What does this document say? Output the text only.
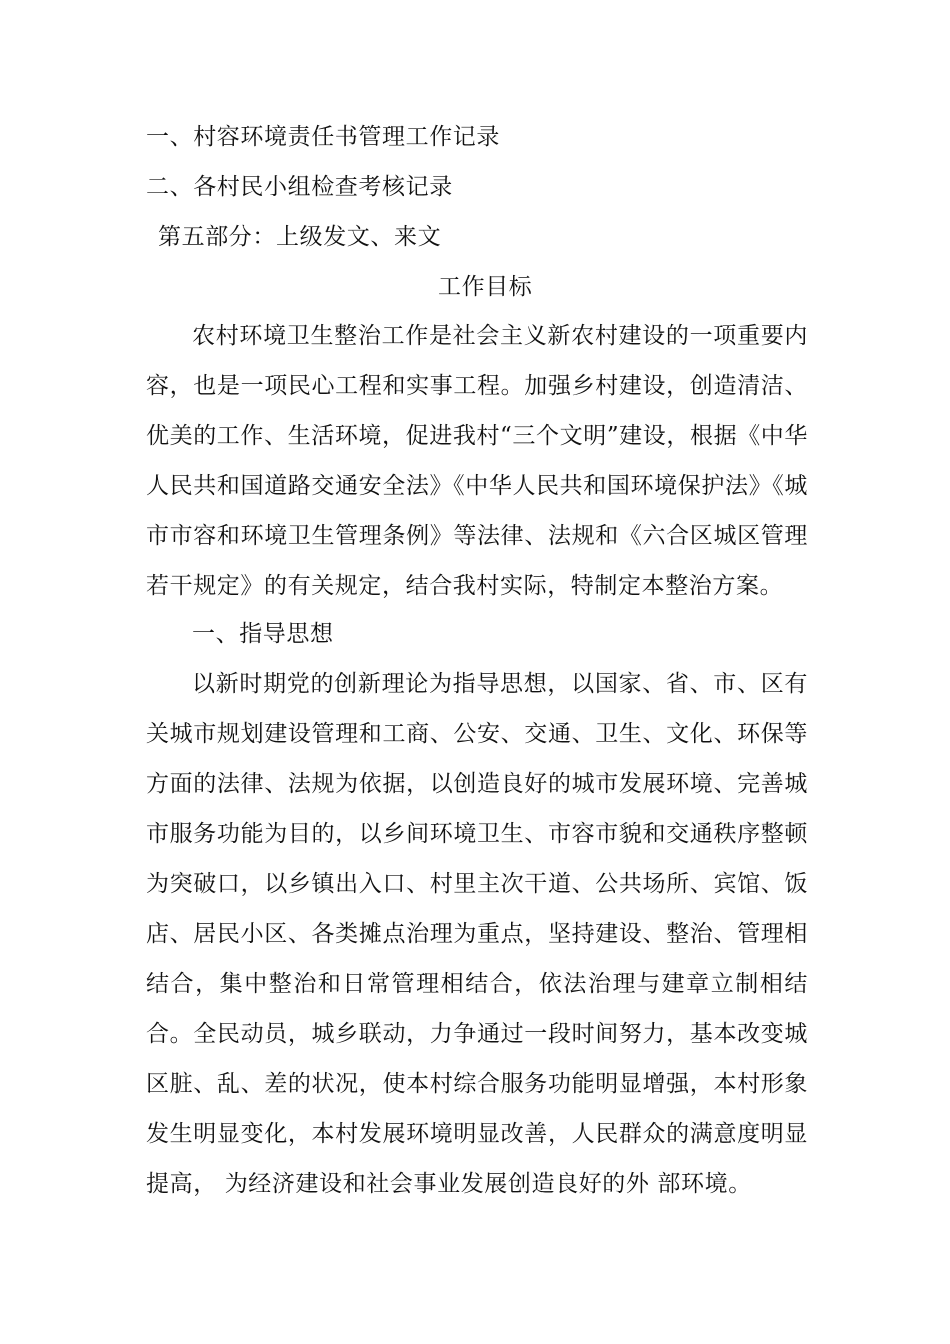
一、村容环境责任书管理工作记录
二、各村民小组检查考核记录
第五部分：上级发文、来文
工作目标
农村环境卫生整治工作是社会主义新农村建设的一项重要内容，也是一项民心工程和实事工程。加强乡村建设，创造清洁、优美的工作、生活环境，促进我村“三个文明”建设，根据《中华人民共和国道路交通安全法》《中华人民共和国环境保护法》《城市市容和环境卫生管理条例》等法律、法规和《六合区城区管理若干规定》的有关规定，结合我村实际，特制定本整治方案。
一、指导思想
以新时期党的创新理论为指导思想，以国家、省、市、区有关城市规划建设管理和工商、公安、交通、卫生、文化、环保等方面的法律、法规为依据，以创造良好的城市发展环境、完善城市服务功能为目的，以乡间环境卫生、市容市貌和交通秩序整顿为突破口，以乡镇出入口、村里主次干道、公共场所、宾馆、饭店、居民小区、各类摊点治理为重点，坚持建设、整治、管理相结合，集中整治和日常管理相结合，依法治理与建章立制相结合。全民动员，城乡联动，力争通过一段时间努力，基本改变城区脏、乱、差的状况，使本村综合服务功能明显增强，本村形象发生明显变化，本村发展环境明显改善，人民群众的满意度明显提高， 为经济建设和社会事业发展创造良好的外 部环境。
